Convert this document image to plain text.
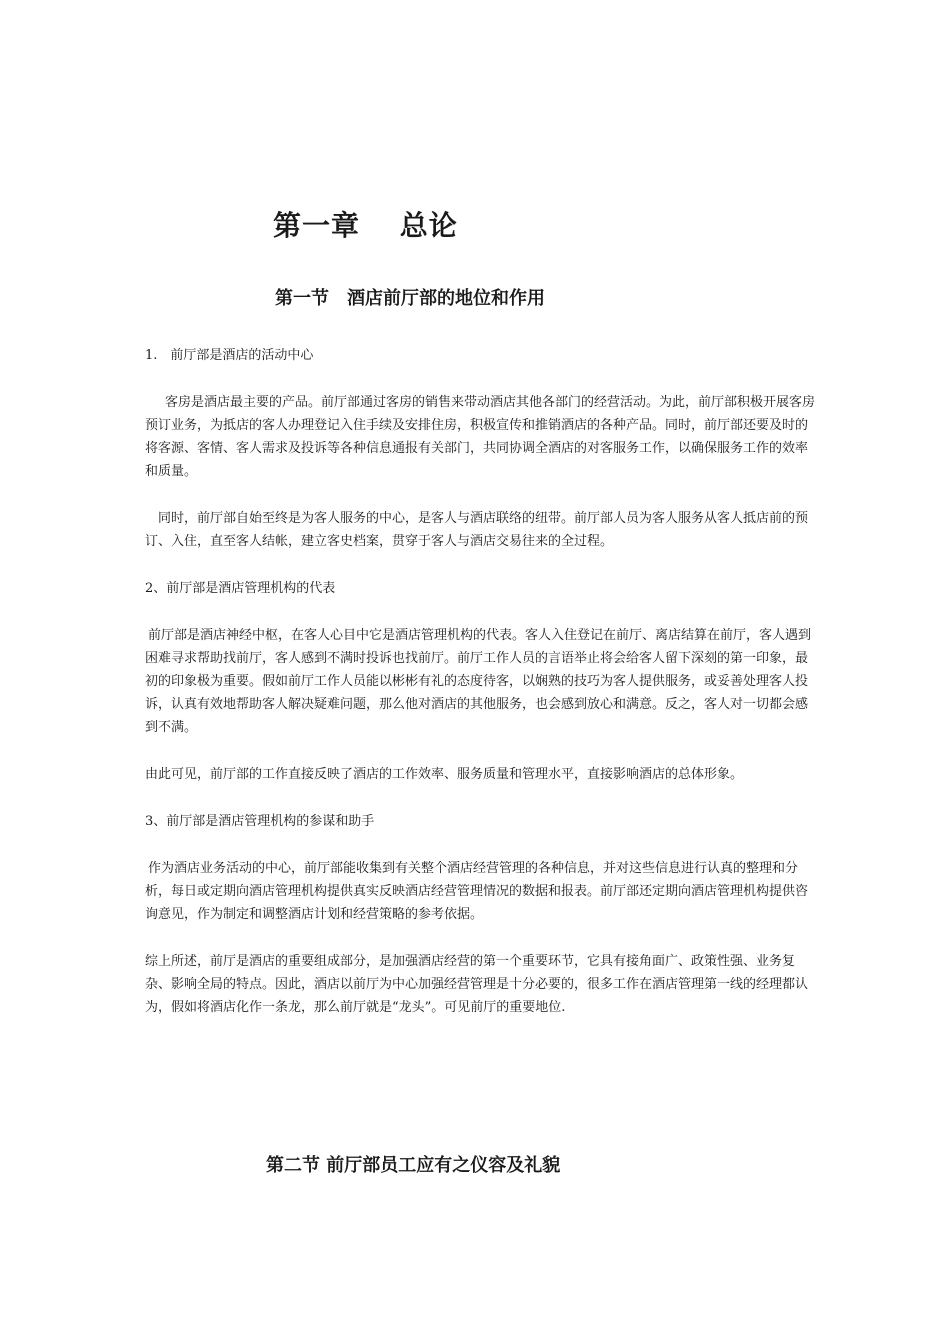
第一章　 总论
第一节　酒店前厅部的地位和作用

1.　前厅部是酒店的活动中心

客房是酒店最主要的产品。前厅部通过客房的销售来带动酒店其他各部门的经营活动。为此，前厅部积极开展客房预订业务，为抵店的客人办理登记入住手续及安排住房，积极宣传和推销酒店的各种产品。同时，前厅部还要及时的将客源、客情、客人需求及投诉等各种信息通报有关部门，共同协调全酒店的对客服务工作，以确保服务工作的效率和质量。

同时，前厅部自始至终是为客人服务的中心，是客人与酒店联络的纽带。前厅部人员为客人服务从客人抵店前的预订、入住，直至客人结帐，建立客史档案，贯穿于客人与酒店交易往来的全过程。

2、前厅部是酒店管理机构的代表

前厅部是酒店神经中枢，在客人心目中它是酒店管理机构的代表。客人入住登记在前厅、离店结算在前厅，客人遇到困难寻求帮助找前厅，客人感到不满时投诉也找前厅。前厅工作人员的言语举止将会给客人留下深刻的第一印象，最初的印象极为重要。假如前厅工作人员能以彬彬有礼的态度待客，以娴熟的技巧为客人提供服务，或妥善处理客人投诉，认真有效地帮助客人解决疑难问题，那么他对酒店的其他服务，也会感到放心和满意。反之，客人对一切都会感到不满。

由此可见，前厅部的工作直接反映了酒店的工作效率、服务质量和管理水平，直接影响酒店的总体形象。

3、前厅部是酒店管理机构的参谋和助手

作为酒店业务活动的中心，前厅部能收集到有关整个酒店经营管理的各种信息，并对这些信息进行认真的整理和分析，每日或定期向酒店管理机构提供真实反映酒店经营管理情况的数据和报表。前厅部还定期向酒店管理机构提供咨询意见，作为制定和调整酒店计划和经营策略的参考依据。

综上所述，前厅是酒店的重要组成部分，是加强酒店经营的第一个重要环节，它具有接角面广、政策性强、业务复杂、影响全局的特点。因此，酒店以前厅为中心加强经营管理是十分必要的，很多工作在酒店管理第一线的经理都认为，假如将酒店化作一条龙，那么前厅就是“龙头”。可见前厅的重要地位.

第二节 前厅部员工应有之仪容及礼貌
